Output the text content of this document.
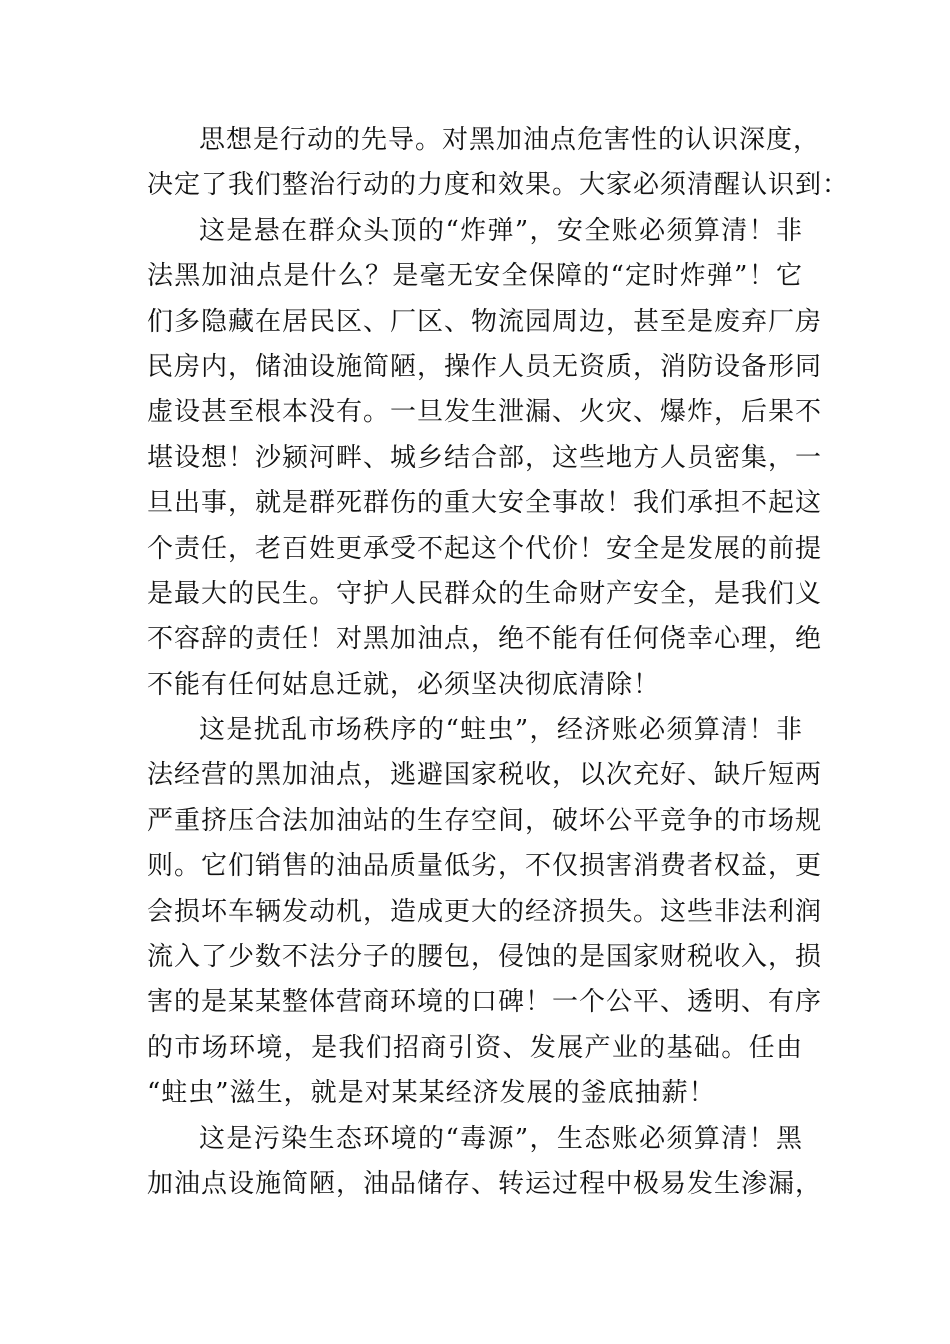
思想是行动的先导。对黑加油点危害性的认识深度，
决定了我们整治行动的力度和效果。大家必须清醒认识到：
这是悬在群众头顶的“炸弹”，安全账必须算清！非
法黑加油点是什么？是毫无安全保障的“定时炸弹”！它
们多隐藏在居民区、厂区、物流园周边，甚至是废弃厂房
民房内，储油设施简陋，操作人员无资质，消防设备形同
虚设甚至根本没有。一旦发生泄漏、火灾、爆炸，后果不
堪设想！沙颍河畔、城乡结合部，这些地方人员密集，一
旦出事，就是群死群伤的重大安全事故！我们承担不起这
个责任，老百姓更承受不起这个代价！安全是发展的前提
是最大的民生。守护人民群众的生命财产安全，是我们义
不容辞的责任！对黑加油点，绝不能有任何侥幸心理，绝
不能有任何姑息迁就，必须坚决彻底清除！
这是扰乱市场秩序的“蛀虫”，经济账必须算清！非
法经营的黑加油点，逃避国家税收，以次充好、缺斤短两
严重挤压合法加油站的生存空间，破坏公平竞争的市场规
则。它们销售的油品质量低劣，不仅损害消费者权益，更
会损坏车辆发动机，造成更大的经济损失。这些非法利润
流入了少数不法分子的腰包，侵蚀的是国家财税收入，损
害的是某某整体营商环境的口碑！一个公平、透明、有序
的市场环境，是我们招商引资、发展产业的基础。任由
“蛀虫”滋生，就是对某某经济发展的釜底抽薪！
这是污染生态环境的“毒源”，生态账必须算清！黑
加油点设施简陋，油品储存、转运过程中极易发生渗漏，
